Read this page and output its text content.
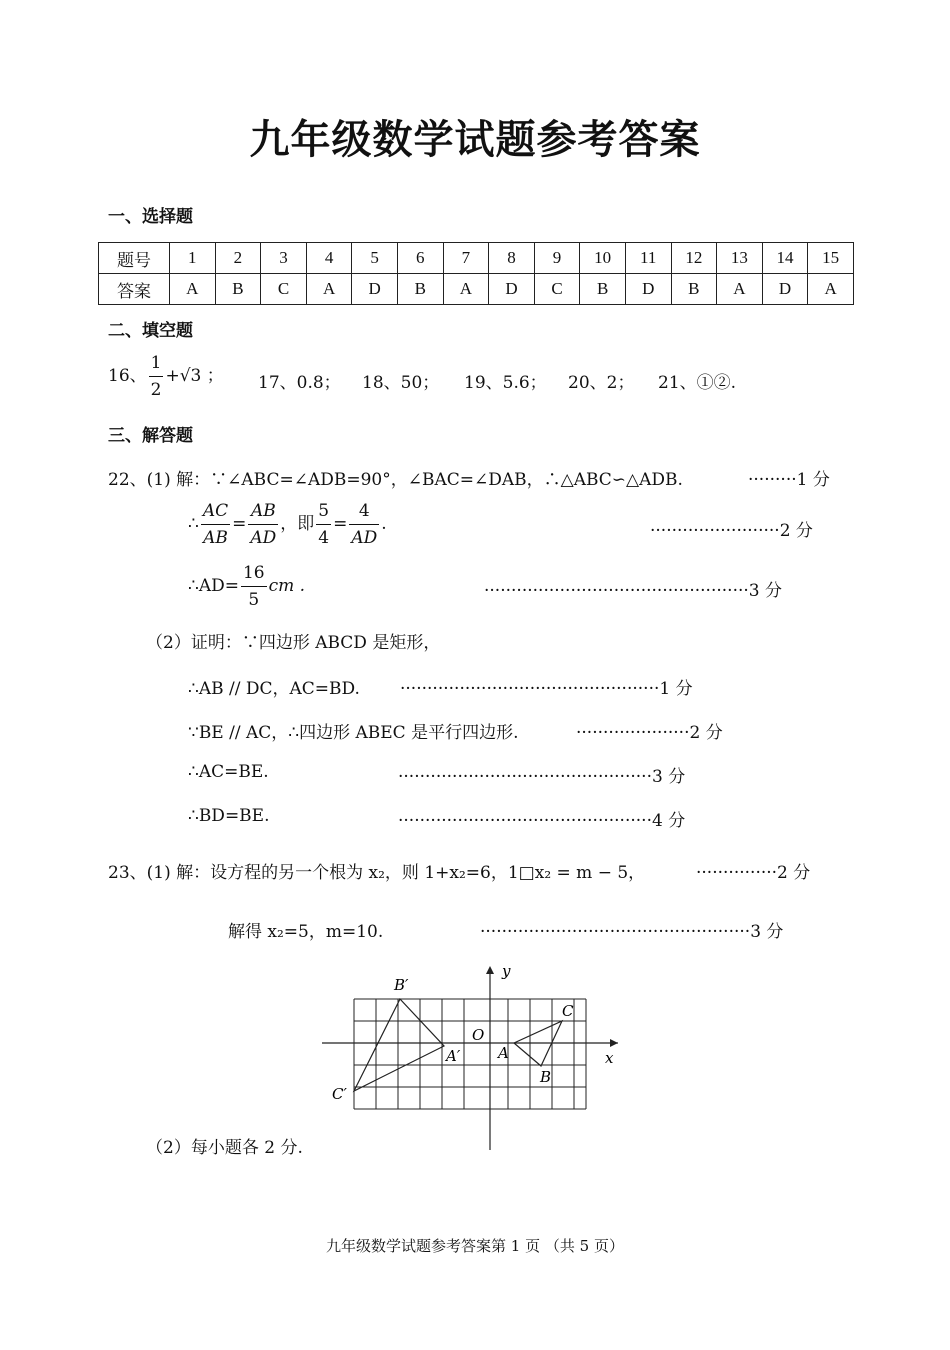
九年级数学试题参考答案
一、选择题
题号	1	2	3	4	5	6	7	8	9	10	11	12	13	14	15
答案	A	B	C	A	D	B	A	D	C	B	D	B	A	D	A
二、填空题
16、 $\frac{1}{2} +√3$ ； 17、0.8； 18、50； 19、5.6； 20、2； 21、①②.
三、解答题
22、(1) 解：∵∠ABC=∠ADB=90°，∠BAC=∠DAB，∴△ABC∽△ADB.	·········1 分
∴ $\frac{AC}{AB} = \frac{AB}{AD}$ ，即 $\frac{5}{4} = \frac{4}{AD}$ .	························2 分
∴AD= $\frac{16}{5}$ cm .	·················································3 分
（2）证明：∵四边形 ABCD 是矩形，
∴AB // DC，AC=BD. ················································1 分
∵BE // AC，∴四边形 ABEC 是平行四边形.	·····················2 分
∴AC=BE.	···············································3 分
∴BD=BE.	···············································4 分
23、(1) 解：设方程的另一个根为 x₂，则 1+x₂=6，1□x₂ = m − 5，	···············2 分
解得 x₂=5，m=10.	··················································3 分
B′
y
C
O
A′	A	x
C′
B
（2）每小题各 2 分.
九年级数学试题参考答案第 1 页 （共 5 页）
